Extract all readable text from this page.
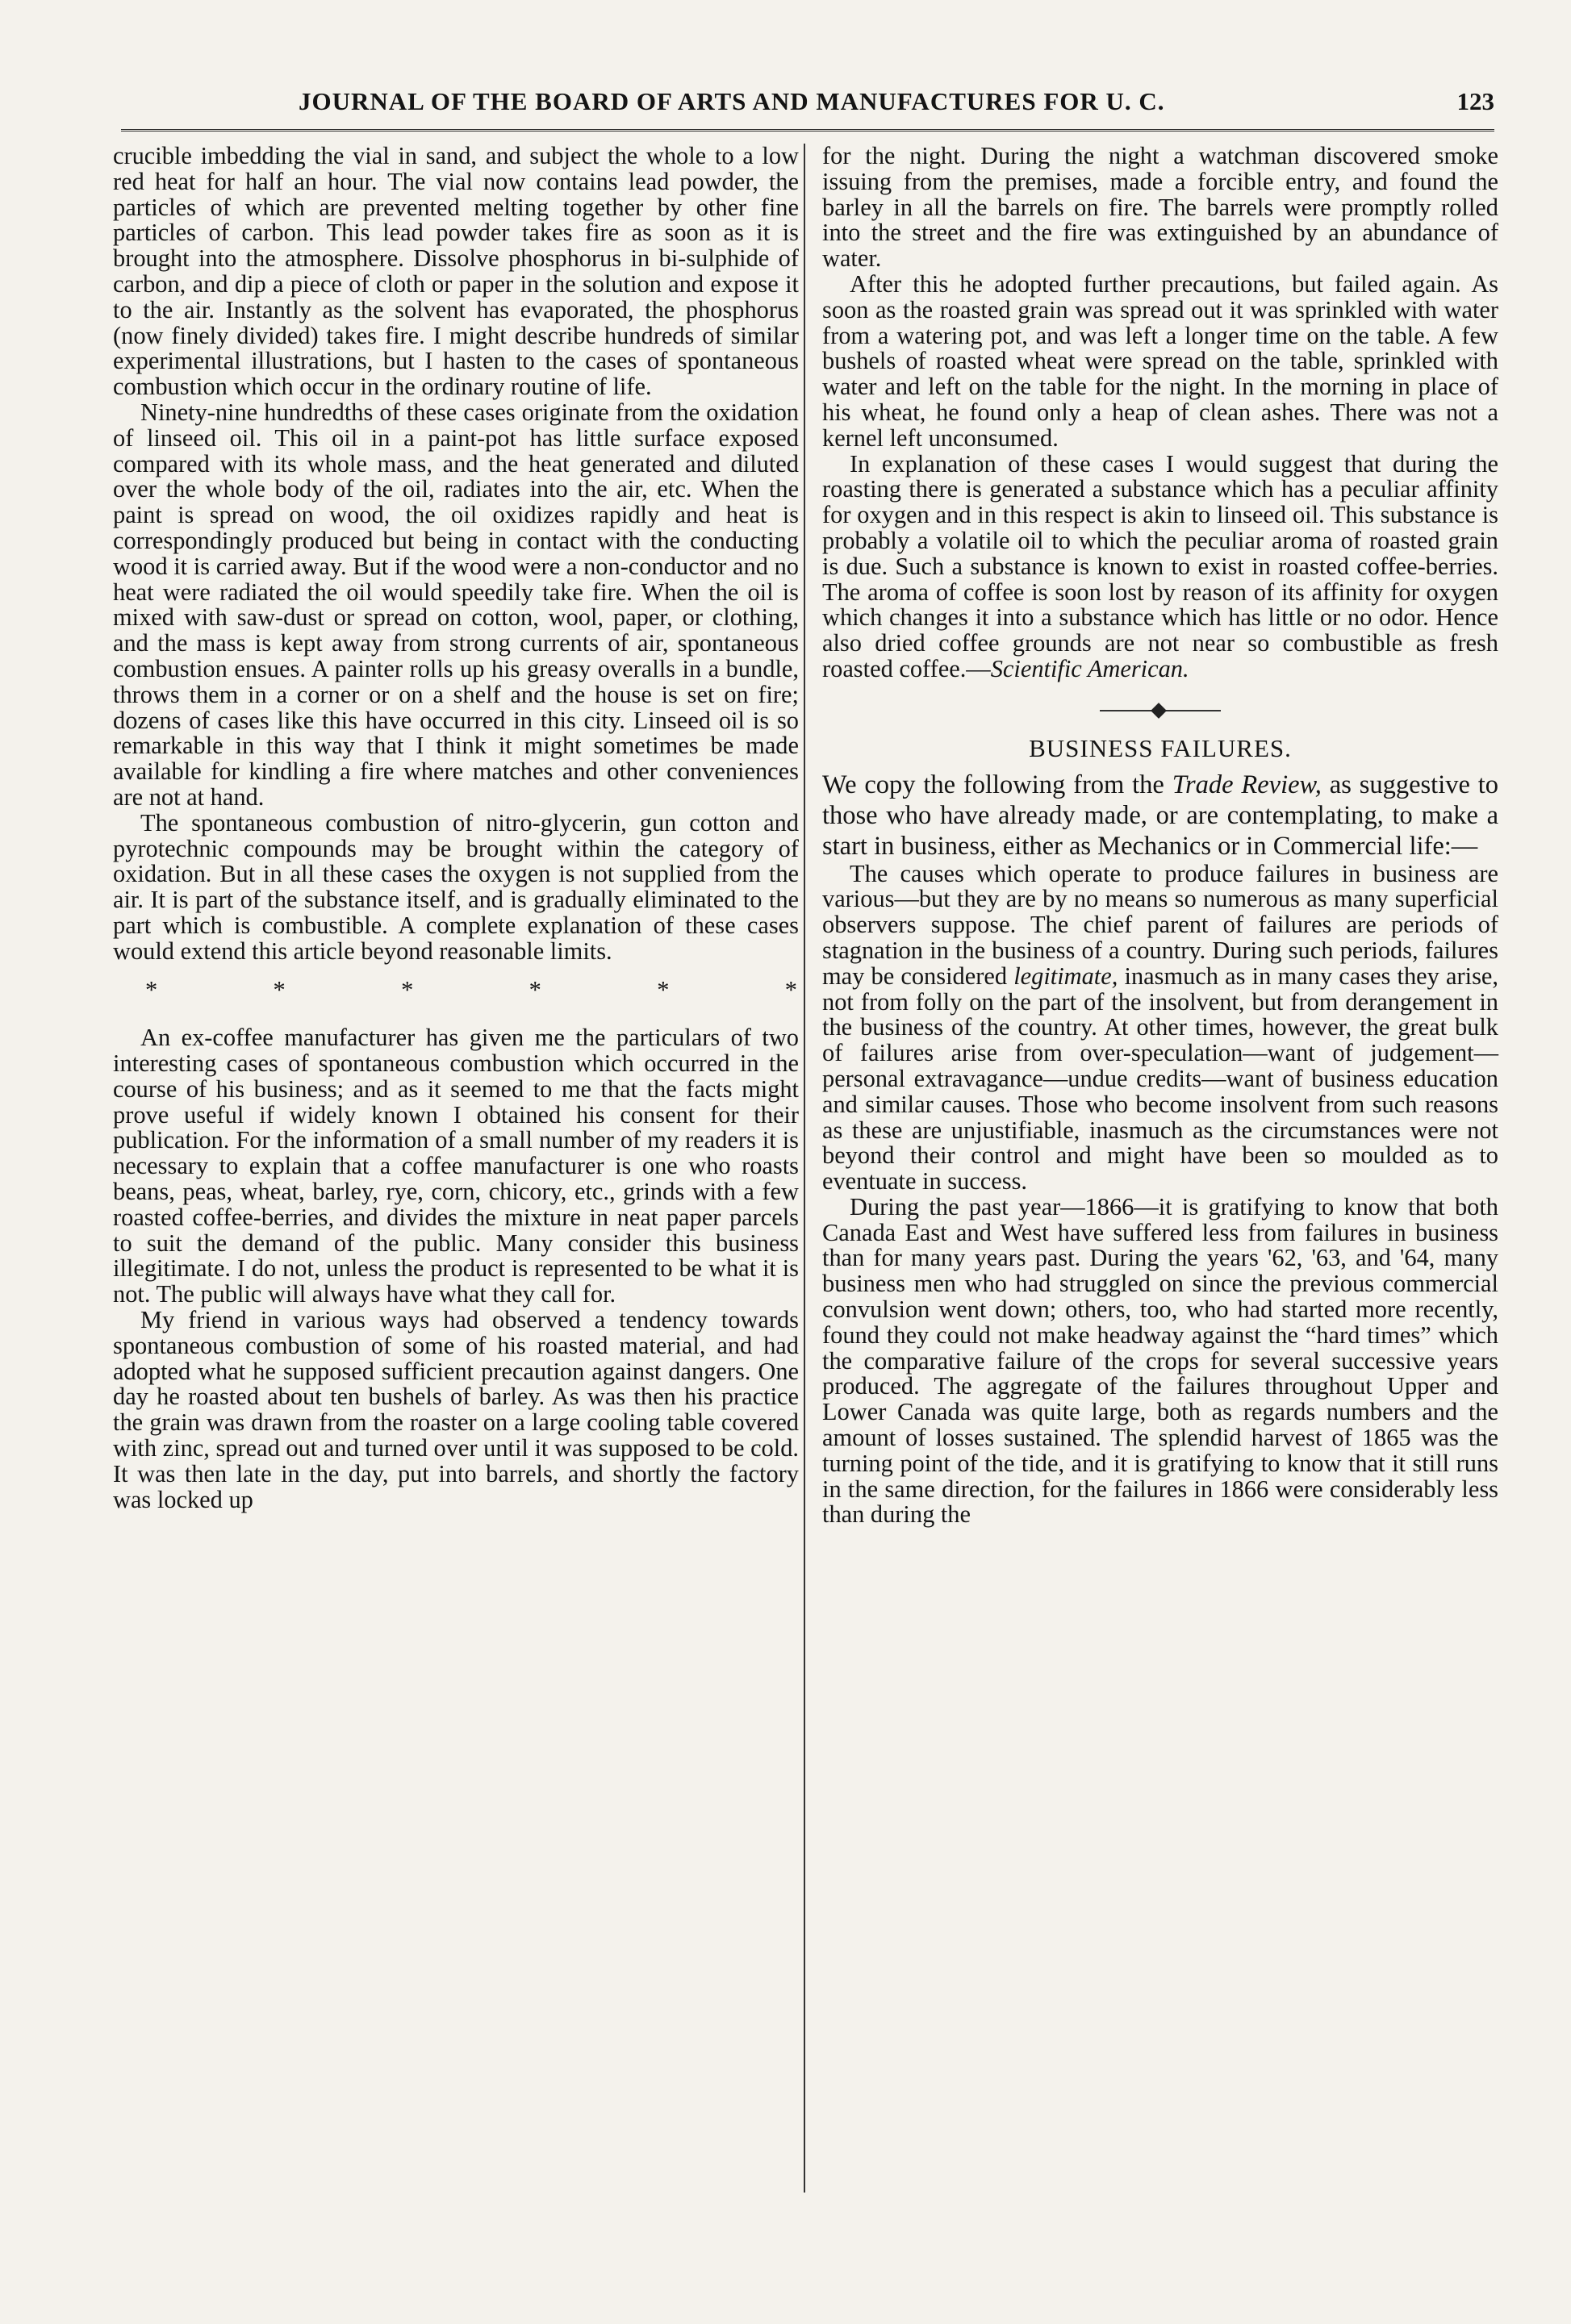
JOURNAL OF THE BOARD OF ARTS AND MANUFACTURES FOR U. C.	123

crucible imbedding the vial in sand, and subject the whole to a low red heat for half an hour. The vial now contains lead powder, the particles of which are prevented melting together by other fine particles of carbon. This lead powder takes fire as soon as it is brought into the atmosphere. Dissolve phosphorus in bi-sulphide of carbon, and dip a piece of cloth or paper in the solution and expose it to the air. Instantly as the solvent has evaporated, the phosphorus (now finely divided) takes fire. I might describe hundreds of similar experimental illustrations, but I hasten to the cases of spontaneous combustion which occur in the ordinary routine of life.

Ninety-nine hundredths of these cases originate from the oxidation of linseed oil. This oil in a paint-pot has little surface exposed compared with its whole mass, and the heat generated and diluted over the whole body of the oil, radiates into the air, etc. When the paint is spread on wood, the oil oxidizes rapidly and heat is correspondingly produced but being in contact with the conducting wood it is carried away. But if the wood were a non-conductor and no heat were radiated the oil would speedily take fire. When the oil is mixed with saw-dust or spread on cotton, wool, paper, or clothing, and the mass is kept away from strong currents of air, spontaneous combustion ensues. A painter rolls up his greasy overalls in a bundle, throws them in a corner or on a shelf and the house is set on fire; dozens of cases like this have occurred in this city. Linseed oil is so remarkable in this way that I think it might sometimes be made available for kindling a fire where matches and other conveniences are not at hand.

The spontaneous combustion of nitro-glycerin, gun cotton and pyrotechnic compounds may be brought within the category of oxidation. But in all these cases the oxygen is not supplied from the air. It is part of the substance itself, and is gradually eliminated to the part which is combustible. A complete explanation of these cases would extend this article beyond reasonable limits.

* * * * * *

An ex-coffee manufacturer has given me the particulars of two interesting cases of spontaneous combustion which occurred in the course of his business; and as it seemed to me that the facts might prove useful if widely known I obtained his consent for their publication. For the information of a small number of my readers it is necessary to explain that a coffee manufacturer is one who roasts beans, peas, wheat, barley, rye, corn, chicory, etc., grinds with a few roasted coffee-berries, and divides the mixture in neat paper parcels to suit the demand of the public. Many consider this business illegitimate. I do not, unless the product is represented to be what it is not. The public will always have what they call for.

My friend in various ways had observed a tendency towards spontaneous combustion of some of his roasted material, and had adopted what he supposed sufficient precaution against dangers. One day he roasted about ten bushels of barley. As was then his practice the grain was drawn from the roaster on a large cooling table covered with zinc, spread out and turned over until it was supposed to be cold. It was then late in the day, put into barrels, and shortly the factory was locked up

for the night. During the night a watchman discovered smoke issuing from the premises, made a forcible entry, and found the barley in all the barrels on fire. The barrels were promptly rolled into the street and the fire was extinguished by an abundance of water.

After this he adopted further precautions, but failed again. As soon as the roasted grain was spread out it was sprinkled with water from a watering pot, and was left a longer time on the table. A few bushels of roasted wheat were spread on the table, sprinkled with water and left on the table for the night. In the morning in place of his wheat, he found only a heap of clean ashes. There was not a kernel left unconsumed.

In explanation of these cases I would suggest that during the roasting there is generated a substance which has a peculiar affinity for oxygen and in this respect is akin to linseed oil. This substance is probably a volatile oil to which the peculiar aroma of roasted grain is due. Such a substance is known to exist in roasted coffee-berries. The aroma of coffee is soon lost by reason of its affinity for oxygen which changes it into a substance which has little or no odor. Hence also dried coffee grounds are not near so combustible as fresh roasted coffee.—Scientific American.

BUSINESS FAILURES.

We copy the following from the Trade Review, as suggestive to those who have already made, or are contemplating, to make a start in business, either as Mechanics or in Commercial life:—

The causes which operate to produce failures in business are various—but they are by no means so numerous as many superficial observers suppose. The chief parent of failures are periods of stagnation in the business of a country. During such periods, failures may be considered legitimate, inasmuch as in many cases they arise, not from folly on the part of the insolvent, but from derangement in the business of the country. At other times, however, the great bulk of failures arise from over-speculation—want of judgement—personal extravagance—undue credits—want of business education and similar causes. Those who become insolvent from such reasons as these are unjustifiable, inasmuch as the circumstances were not beyond their control and might have been so moulded as to eventuate in success.

During the past year—1866—it is gratifying to know that both Canada East and West have suffered less from failures in business than for many years past. During the years '62, '63, and '64, many business men who had struggled on since the previous commercial convulsion went down; others, too, who had started more recently, found they could not make headway against the “hard times” which the comparative failure of the crops for several successive years produced. The aggregate of the failures throughout Upper and Lower Canada was quite large, both as regards numbers and the amount of losses sustained. The splendid harvest of 1865 was the turning point of the tide, and it is gratifying to know that it still runs in the same direction, for the failures in 1866 were considerably less than during the
